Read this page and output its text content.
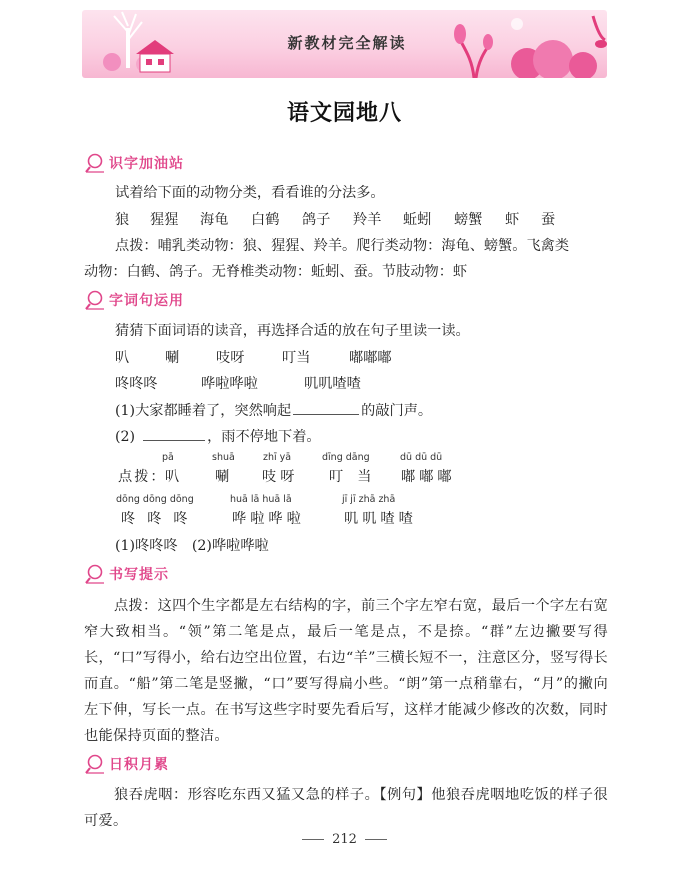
新教材完全解读
语文园地八
识字加油站
试着给下面的动物分类，看看谁的分法多。
狼 猩猩 海龟 白鹤 鸽子 羚羊 蚯蚓 螃蟹 虾 蚕
点拨：哺乳类动物：狼、猩猩、羚羊。爬行类动物：海龟、螃蟹。飞禽类
动物：白鹤、鸽子。无脊椎类动物：蚯蚓、蚕。节肢动物：虾
字词句运用
猜猜下面词语的读音，再选择合适的放在句子里读一读。
叭	唰	吱呀	叮当	嘟嘟嘟
咚咚咚	哗啦哗啦	叽叽喳喳
(1)大家都睡着了，突然响起	的敲门声。
(2)	，雨不停地下着。
pā	shuā	zhī yā	dīng dāng	dū dū dū
点拨：
叭 唰 吱呀 叮当 嘟嘟嘟
dōng dōng dōng	huā lā huā lā	jī jī zhā zhā
咚咚咚 哗啦哗啦	叽叽喳喳
(1)咚咚咚　(2)哗啦哗啦
书写提示
点拨：这四个生字都是左右结构的字，前三个字左窄右宽，最后一个字左右宽窄大致相当。“领”第二笔是点，最后一笔是点，不是捺。“群”左边撇要写得长，“口”写得小，给右边空出位置，右边“羊”三横长短不一，注意区分，竖写得长而直。“船”第二笔是竖撇，“口”要写得扁小些。“朗”第一点稍靠右，“月”的撇向左下伸，写长一点。在书写这些字时要先看后写，这样才能减少修改的次数，同时也能保持页面的整洁。
日积月累
狼吞虎咽：形容吃东西又猛又急的样子。【例句】他狼吞虎咽地吃饭的样子很可爱。
212
